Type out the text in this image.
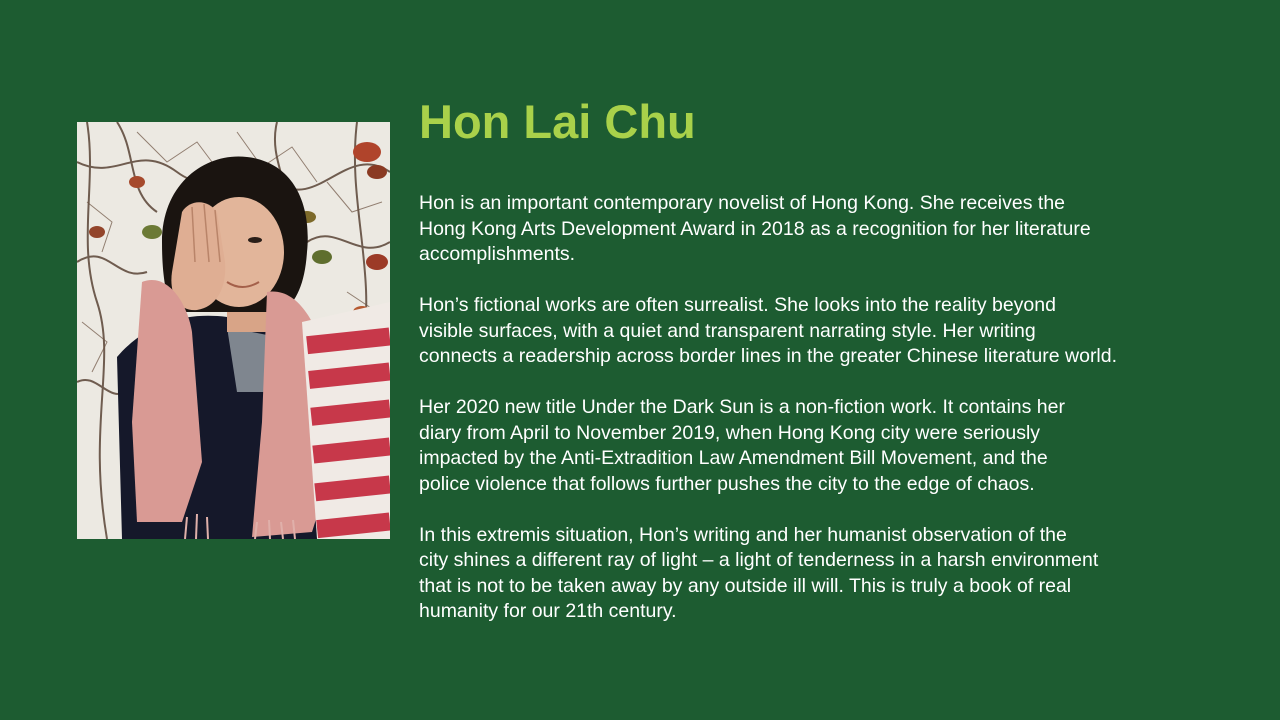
Hon Lai Chu

Hon is an important contemporary novelist of Hong Kong. She receives the
Hong Kong Arts Development Award in 2018 as a recognition for her literature
accomplishments.

Hon’s fictional works are often surrealist. She looks into the reality beyond
visible surfaces, with a quiet and transparent narrating style. Her writing
connects a readership across border lines in the greater Chinese literature world.

Her 2020 new title Under the Dark Sun is a non-fiction work. It contains her
diary from April to November 2019, when Hong Kong city were seriously
impacted by the Anti-Extradition Law Amendment Bill Movement, and the
police violence that follows further pushes the city to the edge of chaos.

In this extremis situation, Hon’s writing and her humanist observation of the
city shines a different ray of light – a light of tenderness in a harsh environment
that is not to be taken away by any outside ill will. This is truly a book of real
humanity for our 21th century.
